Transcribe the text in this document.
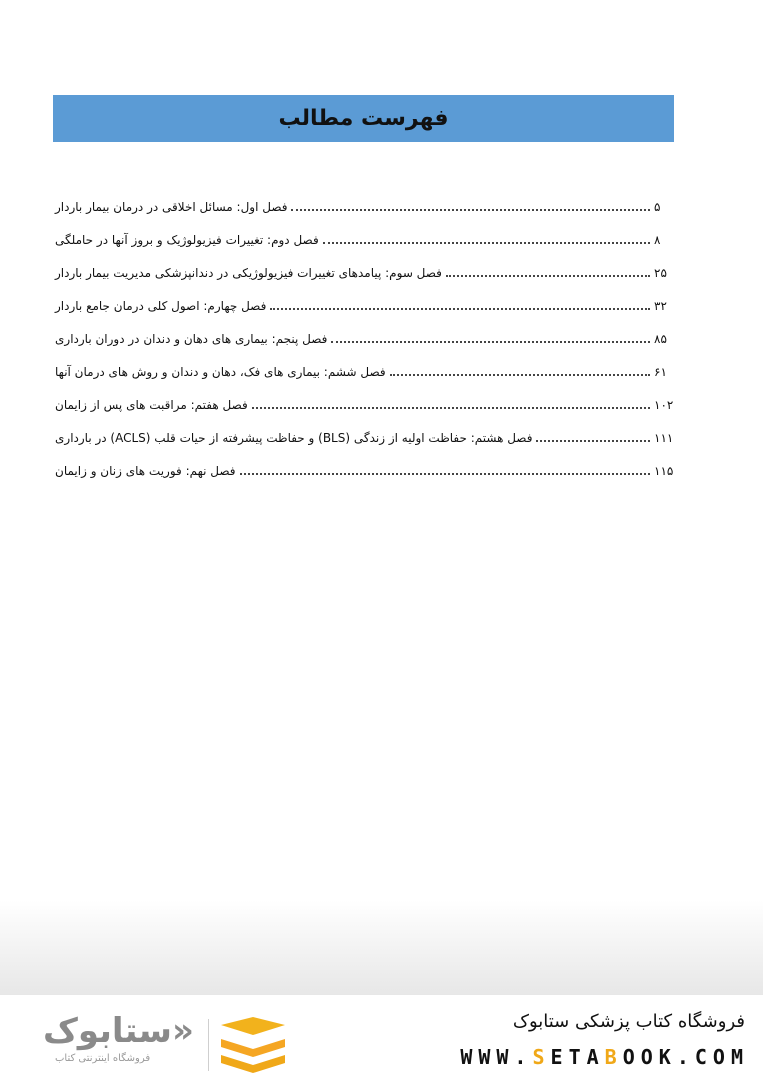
فهرست مطالب
فصل اول: مسائل اخلاقی در درمان بیمار باردار	۵
فصل دوم: تغییرات فیزیولوژیک و بروز آنها در حاملگی	۸
فصل سوم: پیامدهای تغییرات فیزیولوژیکی در دندانپزشکی مدیریت بیمار باردار	۲۵
فصل چهارم: اصول کلی درمان جامع باردار	۳۲
فصل پنجم: بیماری های دهان و دندان در دوران بارداری	۸۵
فصل ششم: بیماری های فک، دهان و دندان و روش های درمان آنها	۶۱
فصل هفتم: مراقبت های پس از زایمان	۱۰۲
فصل هشتم: حفاظت اولیه از زندگی (BLS) و حفاظت پیشرفته از حیات قلب (ACLS) در بارداری	۱۱۱
فصل نهم: فوریت های زنان و زایمان	۱۱۵
ستابوک»
فروشگاه اینترنتی کتاب
فروشگاه کتاب پزشکی ستابوک
WWW.SETABOOK.COM
